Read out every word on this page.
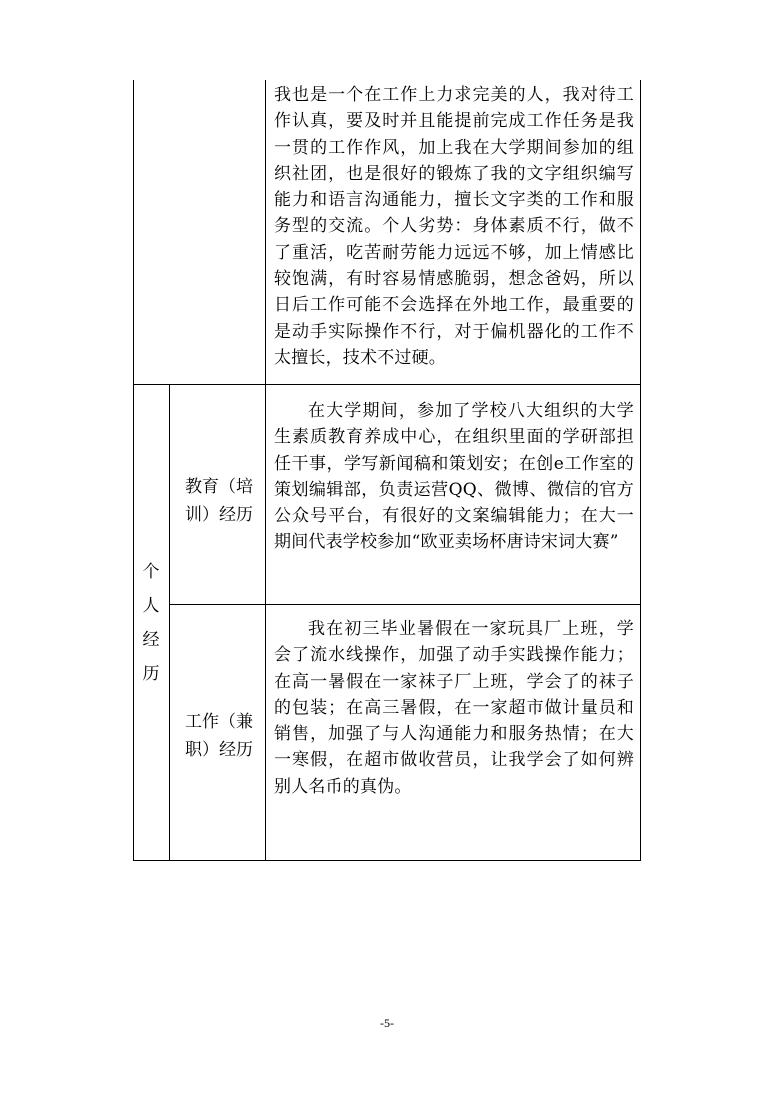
我也是一个在工作上力求完美的人，我对待工作认真，要及时并且能提前完成工作任务是我一贯的工作作风，加上我在大学期间参加的组织社团，也是很好的锻炼了我的文字组织编写能力和语言沟通能力，擅长文字类的工作和服务型的交流。个人劣势：身体素质不行，做不了重活，吃苦耐劳能力远远不够，加上情感比较饱满，有时容易情感脆弱，想念爸妈，所以日后工作可能不会选择在外地工作，最重要的是动手实际操作不行，对于偏机器化的工作不太擅长，技术不过硬。
个
人
经
历
教育（培
训）经历
在大学期间，参加了学校八大组织的大学生素质教育养成中心，在组织里面的学研部担任干事，学写新闻稿和策划安；在创e工作室的策划编辑部，负责运营QQ、微博、微信的官方公众号平台，有很好的文案编辑能力；在大一期间代表学校参加“欧亚卖场杯唐诗宋词大赛”
工作（兼
职）经历
我在初三毕业暑假在一家玩具厂上班，学会了流水线操作，加强了动手实践操作能力；在高一暑假在一家袜子厂上班，学会了的袜子的包装；在高三暑假，在一家超市做计量员和销售，加强了与人沟通能力和服务热情；在大一寒假，在超市做收营员，让我学会了如何辨别人名币的真伪。
-5-
